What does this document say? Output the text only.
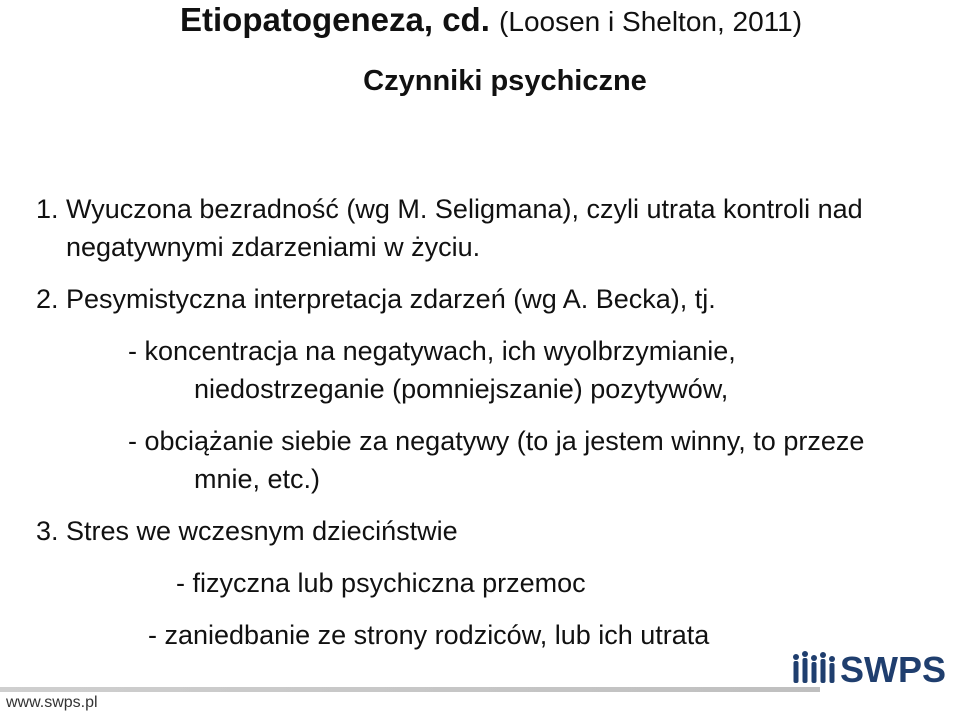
Etiopatogeneza, cd. (Loosen i Shelton, 2011)
Czynniki psychiczne
1. Wyuczona bezradność (wg M. Seligmana), czyli utrata kontroli nad
negatywnymi zdarzeniami w życiu.
2. Pesymistyczna interpretacja zdarzeń (wg A. Becka), tj.
- koncentracja na negatywach, ich wyolbrzymianie,
niedostrzeganie (pomniejszanie) pozytywów,
- obciążanie siebie za negatywy (to ja jestem winny, to przeze
mnie, etc.)
3. Stres we wczesnym dzieciństwie
- fizyczna lub psychiczna przemoc
- zaniedbanie ze strony rodziców, lub ich utrata
SWPS
www.swps.pl
